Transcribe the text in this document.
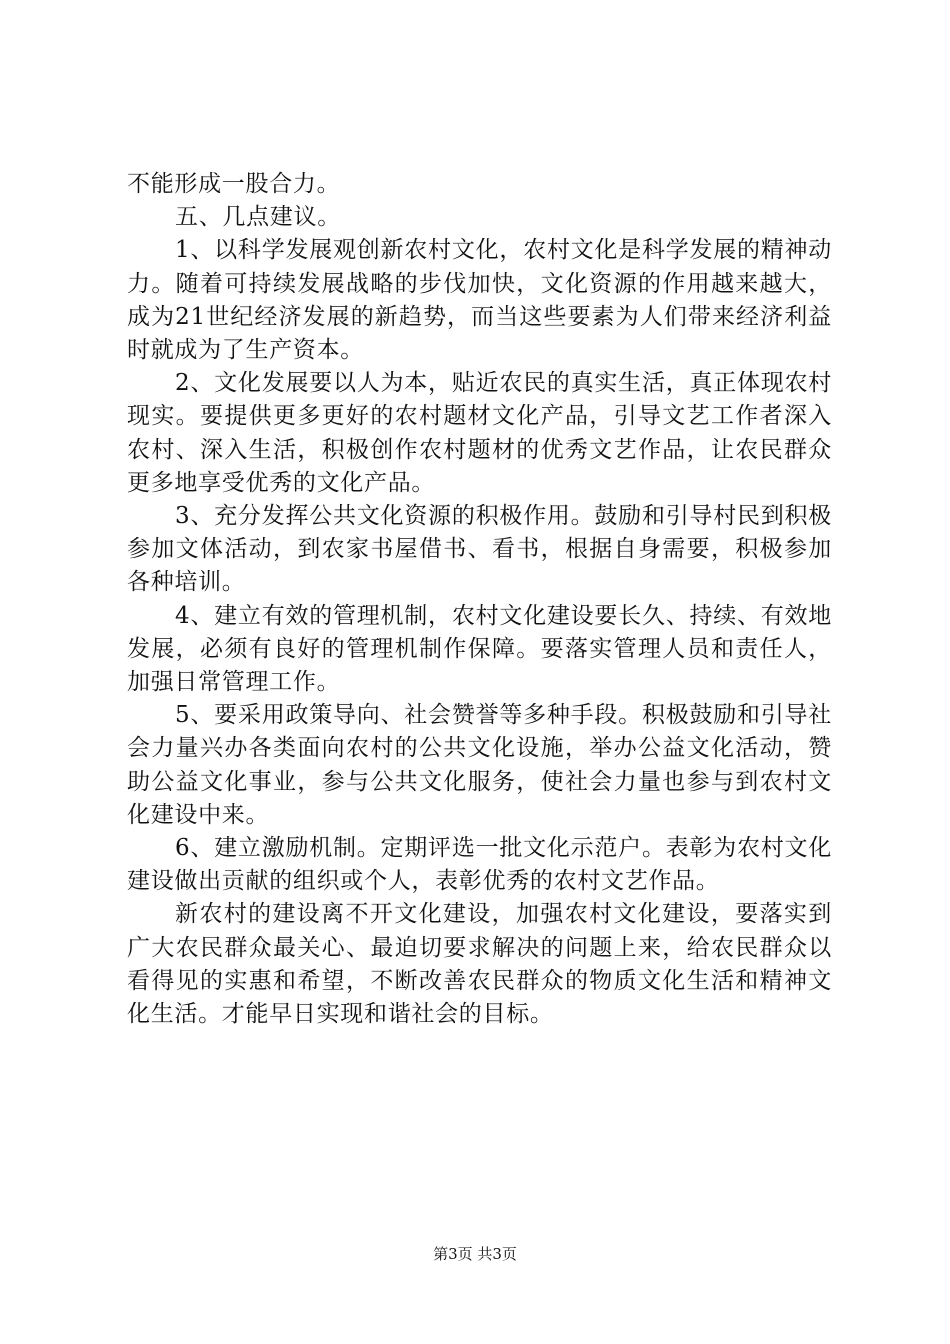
不能形成一股合力。

五、几点建议。

1、以科学发展观创新农村文化，农村文化是科学发展的精神动力。随着可持续发展战略的步伐加快，文化资源的作用越来越大，成为21世纪经济发展的新趋势，而当这些要素为人们带来经济利益时就成为了生产资本。

2、文化发展要以人为本，贴近农民的真实生活，真正体现农村现实。要提供更多更好的农村题材文化产品，引导文艺工作者深入农村、深入生活，积极创作农村题材的优秀文艺作品，让农民群众更多地享受优秀的文化产品。

3、充分发挥公共文化资源的积极作用。鼓励和引导村民到积极参加文体活动，到农家书屋借书、看书，根据自身需要，积极参加各种培训。

4、建立有效的管理机制，农村文化建设要长久、持续、有效地发展，必须有良好的管理机制作保障。要落实管理人员和责任人，加强日常管理工作。

5、要采用政策导向、社会赞誉等多种手段。积极鼓励和引导社会力量兴办各类面向农村的公共文化设施，举办公益文化活动，赞助公益文化事业，参与公共文化服务，使社会力量也参与到农村文化建设中来。

6、建立激励机制。定期评选一批文化示范户。表彰为农村文化建设做出贡献的组织或个人，表彰优秀的农村文艺作品。

新农村的建设离不开文化建设，加强农村文化建设，要落实到广大农民群众最关心、最迫切要求解决的问题上来，给农民群众以看得见的实惠和希望，不断改善农民群众的物质文化生活和精神文化生活。才能早日实现和谐社会的目标。

第3页 共3页
